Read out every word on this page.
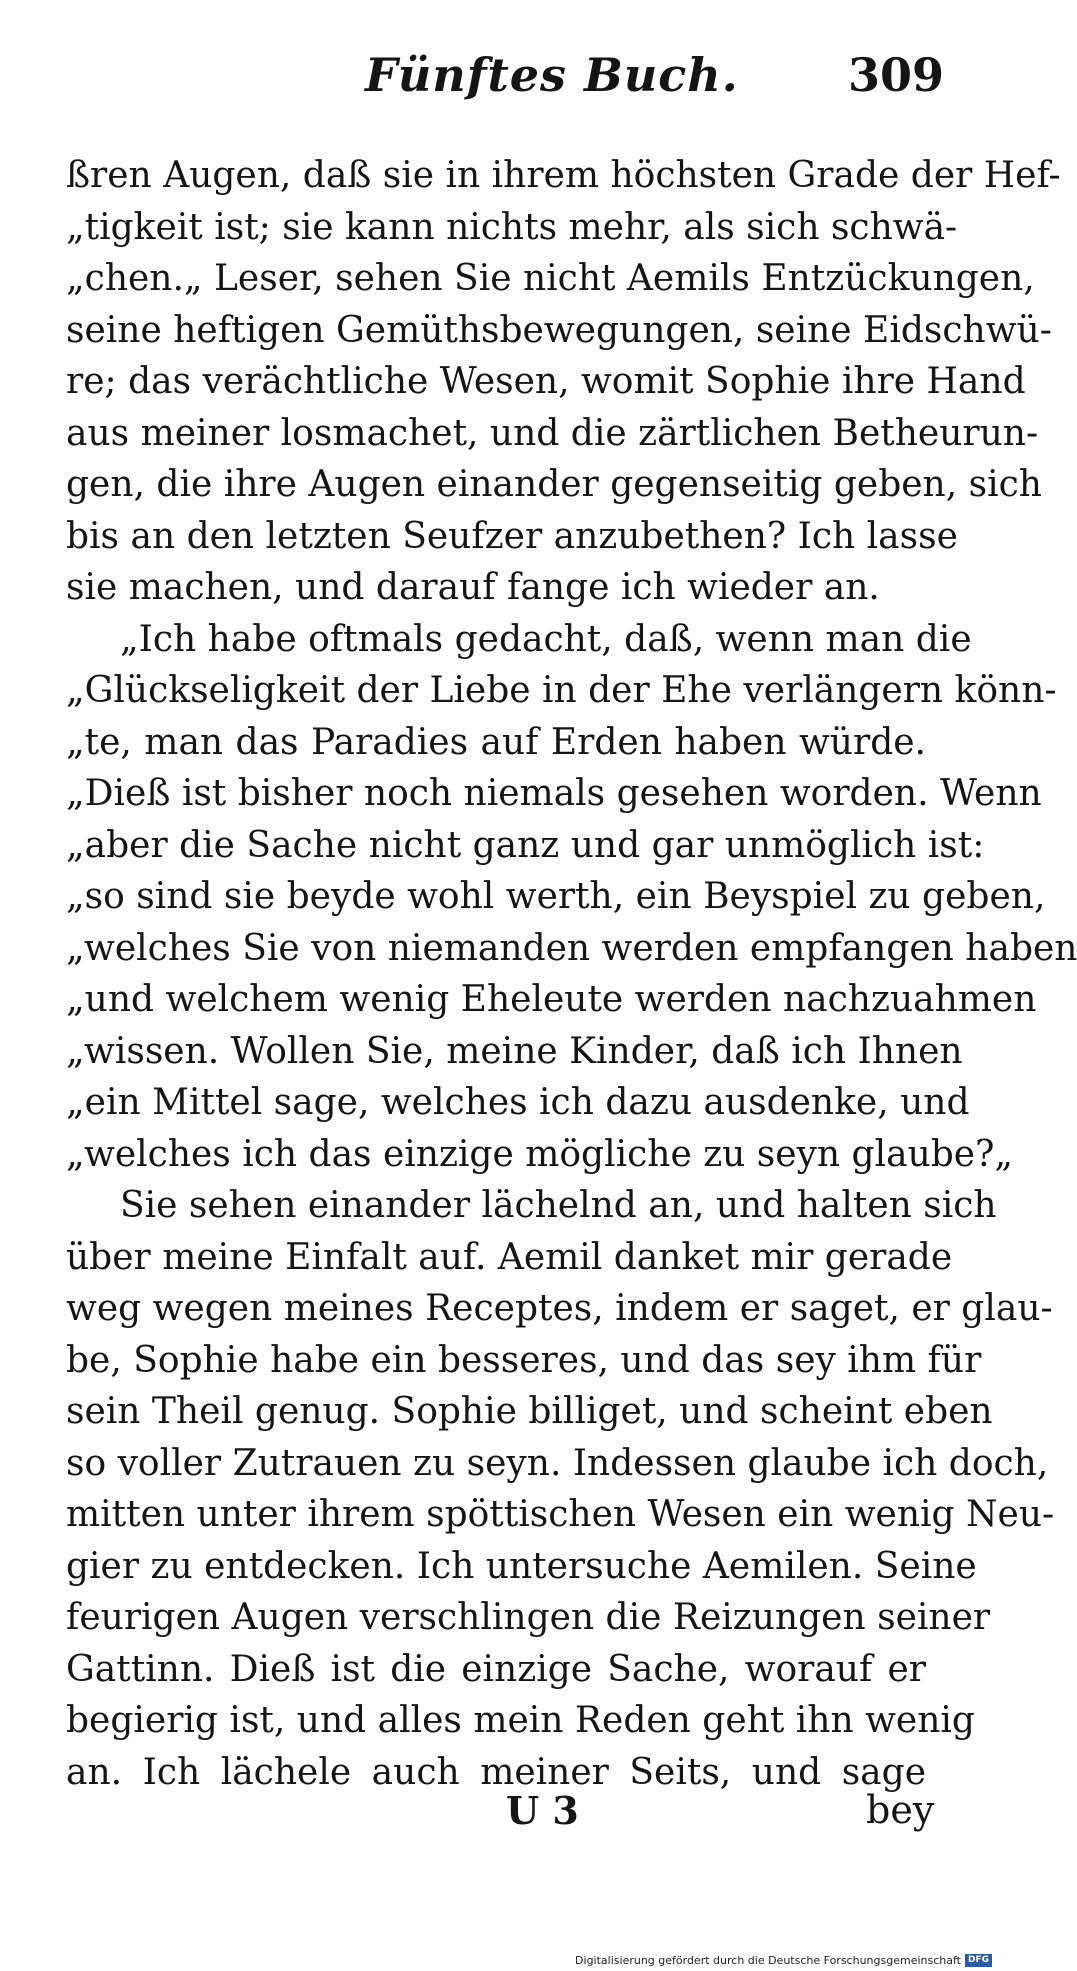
Fünftes Buch. 309
ßren Augen, daß sie in ihrem höchsten Grade der Hef-
„tigkeit ist; sie kann nichts mehr, als sich schwä-
„chen.„ Leser, sehen Sie nicht Aemils Entzückungen,
seine heftigen Gemüthsbewegungen, seine Eidschwü-
re; das verächtliche Wesen, womit Sophie ihre Hand
aus meiner losmachet, und die zärtlichen Betheurun-
gen, die ihre Augen einander gegenseitig geben, sich
bis an den letzten Seufzer anzubethen? Ich lasse
sie machen, und darauf fange ich wieder an.
„Ich habe oftmals gedacht, daß, wenn man die
„Glückseligkeit der Liebe in der Ehe verlängern könn-
„te, man das Paradies auf Erden haben würde.
„Dieß ist bisher noch niemals gesehen worden. Wenn
„aber die Sache nicht ganz und gar unmöglich ist:
„so sind sie beyde wohl werth, ein Beyspiel zu geben,
„welches Sie von niemanden werden empfangen haben
„und welchem wenig Eheleute werden nachzuahmen
„wissen. Wollen Sie, meine Kinder, daß ich Ihnen
„ein Mittel sage, welches ich dazu ausdenke, und
„welches ich das einzige mögliche zu seyn glaube?„
Sie sehen einander lächelnd an, und halten sich
über meine Einfalt auf. Aemil danket mir gerade
weg wegen meines Receptes, indem er saget, er glau-
be, Sophie habe ein besseres, und das sey ihm für
sein Theil genug. Sophie billiget, und scheint eben
so voller Zutrauen zu seyn. Indessen glaube ich doch,
mitten unter ihrem spöttischen Wesen ein wenig Neu-
gier zu entdecken. Ich untersuche Aemilen. Seine
feurigen Augen verschlingen die Reizungen seiner
Gattinn. Dieß ist die einzige Sache, worauf er
begierig ist, und alles mein Reden geht ihn wenig
an. Ich lächele auch meiner Seits, und sage
U 3	bey
Digitalisierung gefördert durch die Deutsche Forschungsgemeinschaft DFG
